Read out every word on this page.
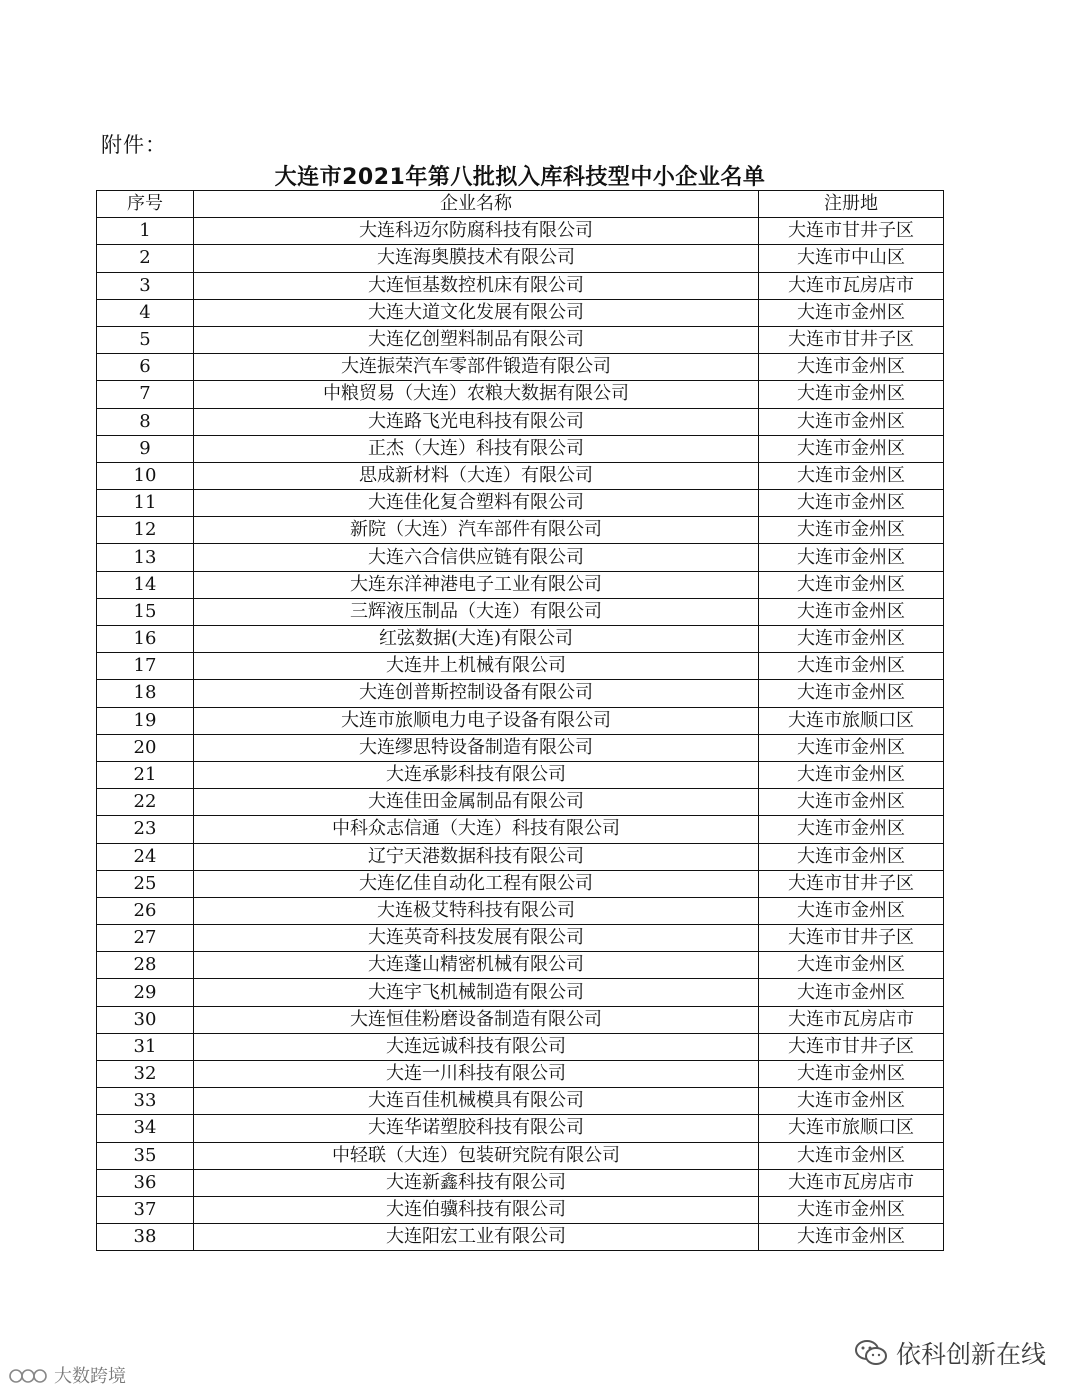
附件：
大连市2021年第八批拟入库科技型中小企业名单
序号	企业名称	注册地
1	大连科迈尔防腐科技有限公司	大连市甘井子区
2	大连海奥膜技术有限公司	大连市中山区
3	大连恒基数控机床有限公司	大连市瓦房店市
4	大连大道文化发展有限公司	大连市金州区
5	大连亿创塑料制品有限公司	大连市甘井子区
6	大连振荣汽车零部件锻造有限公司	大连市金州区
7	中粮贸易（大连）农粮大数据有限公司	大连市金州区
8	大连路飞光电科技有限公司	大连市金州区
9	正杰（大连）科技有限公司	大连市金州区
10	思成新材料（大连）有限公司	大连市金州区
11	大连佳化复合塑料有限公司	大连市金州区
12	新院（大连）汽车部件有限公司	大连市金州区
13	大连六合信供应链有限公司	大连市金州区
14	大连东洋神港电子工业有限公司	大连市金州区
15	三辉液压制品（大连）有限公司	大连市金州区
16	红弦数据(大连)有限公司	大连市金州区
17	大连井上机械有限公司	大连市金州区
18	大连创普斯控制设备有限公司	大连市金州区
19	大连市旅顺电力电子设备有限公司	大连市旅顺口区
20	大连缪思特设备制造有限公司	大连市金州区
21	大连承影科技有限公司	大连市金州区
22	大连佳田金属制品有限公司	大连市金州区
23	中科众志信通（大连）科技有限公司	大连市金州区
24	辽宁天港数据科技有限公司	大连市金州区
25	大连亿佳自动化工程有限公司	大连市甘井子区
26	大连极艾特科技有限公司	大连市金州区
27	大连英奇科技发展有限公司	大连市甘井子区
28	大连蓬山精密机械有限公司	大连市金州区
29	大连宇飞机械制造有限公司	大连市金州区
30	大连恒佳粉磨设备制造有限公司	大连市瓦房店市
31	大连远诚科技有限公司	大连市甘井子区
32	大连一川科技有限公司	大连市金州区
33	大连百佳机械模具有限公司	大连市金州区
34	大连华诺塑胶科技有限公司	大连市旅顺口区
35	中轻联（大连）包装研究院有限公司	大连市金州区
36	大连新鑫科技有限公司	大连市瓦房店市
37	大连伯骥科技有限公司	大连市金州区
38	大连阳宏工业有限公司	大连市金州区
依科创新在线
大数跨境
